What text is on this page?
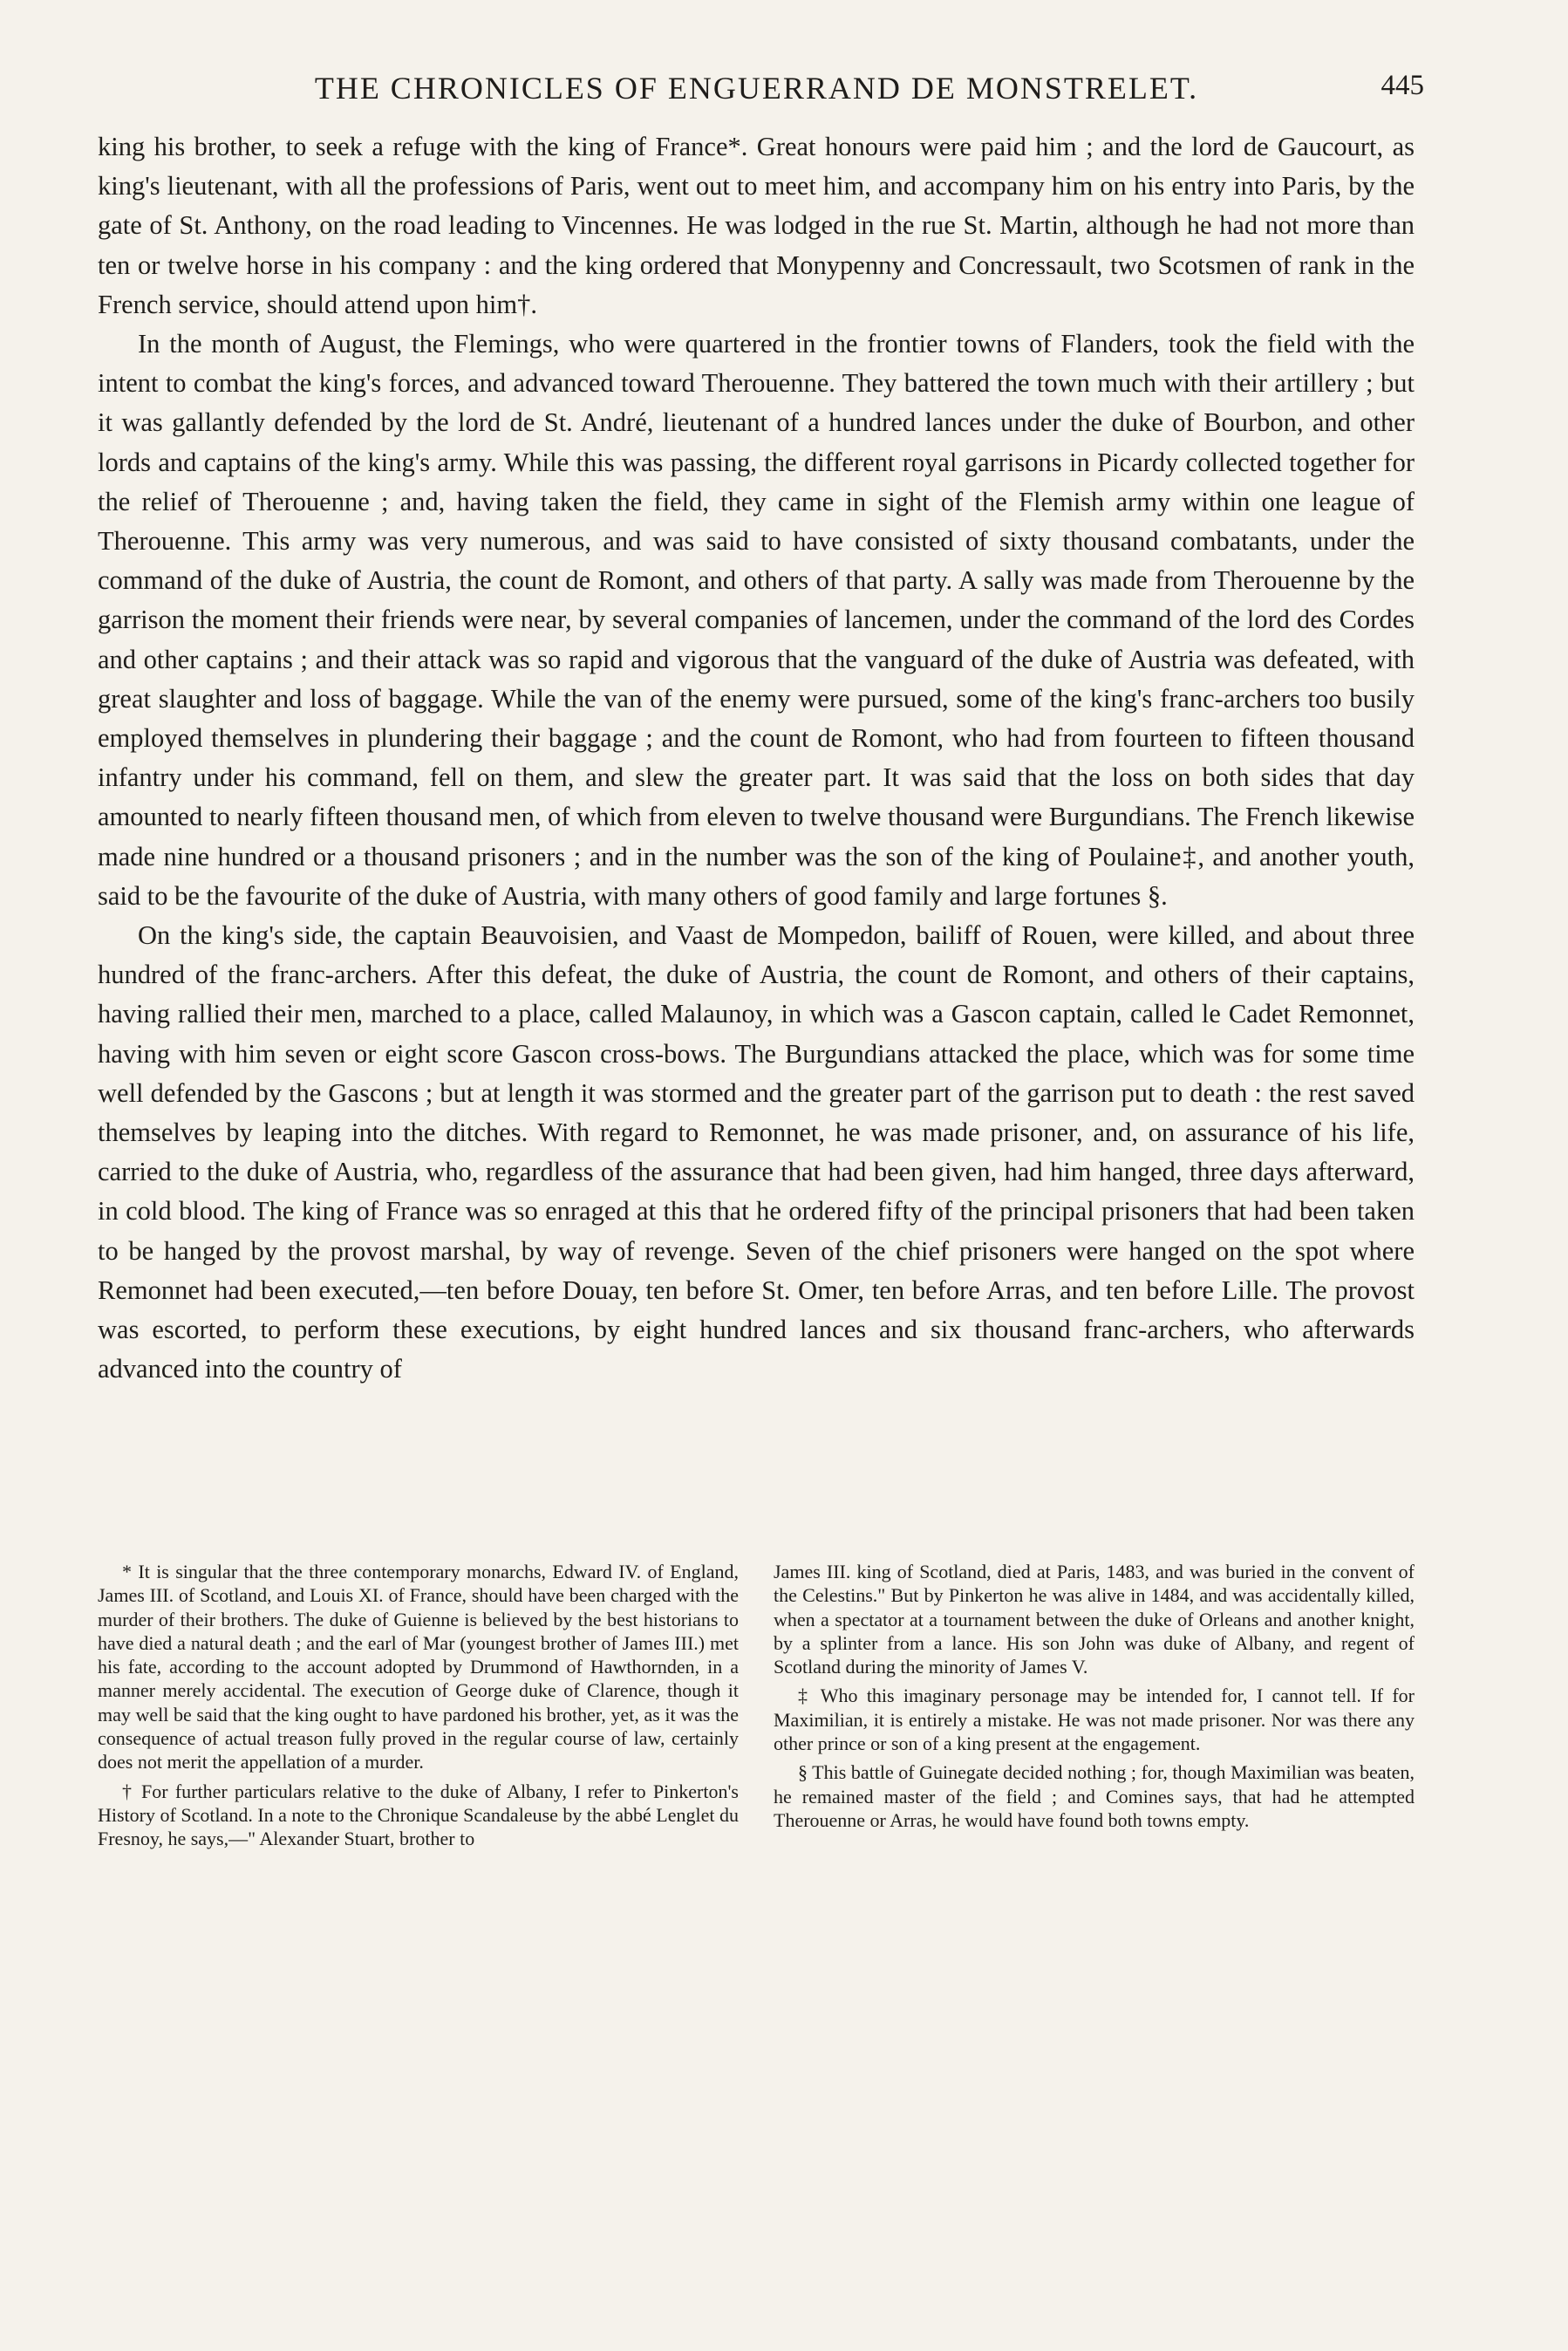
THE CHRONICLES OF ENGUERRAND DE MONSTRELET.	445

king his brother, to seek a refuge with the king of France*. Great honours were paid him ; and the lord de Gaucourt, as king's lieutenant, with all the professions of Paris, went out to meet him, and accompany him on his entry into Paris, by the gate of St. Anthony, on the road leading to Vincennes. He was lodged in the rue St. Martin, although he had not more than ten or twelve horse in his company : and the king ordered that Monypenny and Concressault, two Scotsmen of rank in the French service, should attend upon him†.

In the month of August, the Flemings, who were quartered in the frontier towns of Flanders, took the field with the intent to combat the king's forces, and advanced toward Therouenne. They battered the town much with their artillery ; but it was gallantly defended by the lord de St. André, lieutenant of a hundred lances under the duke of Bourbon, and other lords and captains of the king's army. While this was passing, the different royal garrisons in Picardy collected together for the relief of Therouenne ; and, having taken the field, they came in sight of the Flemish army within one league of Therouenne. This army was very numerous, and was said to have consisted of sixty thousand combatants, under the command of the duke of Austria, the count de Romont, and others of that party. A sally was made from Therouenne by the garrison the moment their friends were near, by several companies of lancemen, under the command of the lord des Cordes and other captains ; and their attack was so rapid and vigorous that the vanguard of the duke of Austria was defeated, with great slaughter and loss of baggage. While the van of the enemy were pursued, some of the king's franc-archers too busily employed themselves in plundering their baggage ; and the count de Romont, who had from fourteen to fifteen thousand infantry under his command, fell on them, and slew the greater part. It was said that the loss on both sides that day amounted to nearly fifteen thousand men, of which from eleven to twelve thousand were Burgundians. The French likewise made nine hundred or a thousand prisoners ; and in the number was the son of the king of Poulaine‡, and another youth, said to be the favourite of the duke of Austria, with many others of good family and large fortunes §.

On the king's side, the captain Beauvoisien, and Vaast de Mompedon, bailiff of Rouen, were killed, and about three hundred of the franc-archers. After this defeat, the duke of Austria, the count de Romont, and others of their captains, having rallied their men, marched to a place, called Malaunoy, in which was a Gascon captain, called le Cadet Remonnet, having with him seven or eight score Gascon cross-bows. The Burgundians attacked the place, which was for some time well defended by the Gascons ; but at length it was stormed and the greater part of the garrison put to death : the rest saved themselves by leaping into the ditches. With regard to Remonnet, he was made prisoner, and, on assurance of his life, carried to the duke of Austria, who, regardless of the assurance that had been given, had him hanged, three days afterward, in cold blood. The king of France was so enraged at this that he ordered fifty of the principal prisoners that had been taken to be hanged by the provost marshal, by way of revenge. Seven of the chief prisoners were hanged on the spot where Remonnet had been executed,—ten before Douay, ten before St. Omer, ten before Arras, and ten before Lille. The provost was escorted, to perform these executions, by eight hundred lances and six thousand franc-archers, who afterwards advanced into the country of

* It is singular that the three contemporary monarchs, Edward IV. of England, James III. of Scotland, and Louis XI. of France, should have been charged with the murder of their brothers. The duke of Guienne is believed by the best historians to have died a natural death ; and the earl of Mar (youngest brother of James III.) met his fate, according to the account adopted by Drummond of Hawthornden, in a manner merely accidental. The execution of George duke of Clarence, though it may well be said that the king ought to have pardoned his brother, yet, as it was the consequence of actual treason fully proved in the regular course of law, certainly does not merit the appellation of a murder.

† For further particulars relative to the duke of Albany, I refer to Pinkerton's History of Scotland. In a note to the Chronique Scandaleuse by the abbé Lenglet du Fresnoy, he says,—" Alexander Stuart, brother to

James III. king of Scotland, died at Paris, 1483, and was buried in the convent of the Celestins." But by Pinkerton he was alive in 1484, and was accidentally killed, when a spectator at a tournament between the duke of Orleans and another knight, by a splinter from a lance. His son John was duke of Albany, and regent of Scotland during the minority of James V.

‡ Who this imaginary personage may be intended for, I cannot tell. If for Maximilian, it is entirely a mistake. He was not made prisoner. Nor was there any other prince or son of a king present at the engagement.

§ This battle of Guinegate decided nothing ; for, though Maximilian was beaten, he remained master of the field ; and Comines says, that had he attempted Therouenne or Arras, he would have found both towns empty.
